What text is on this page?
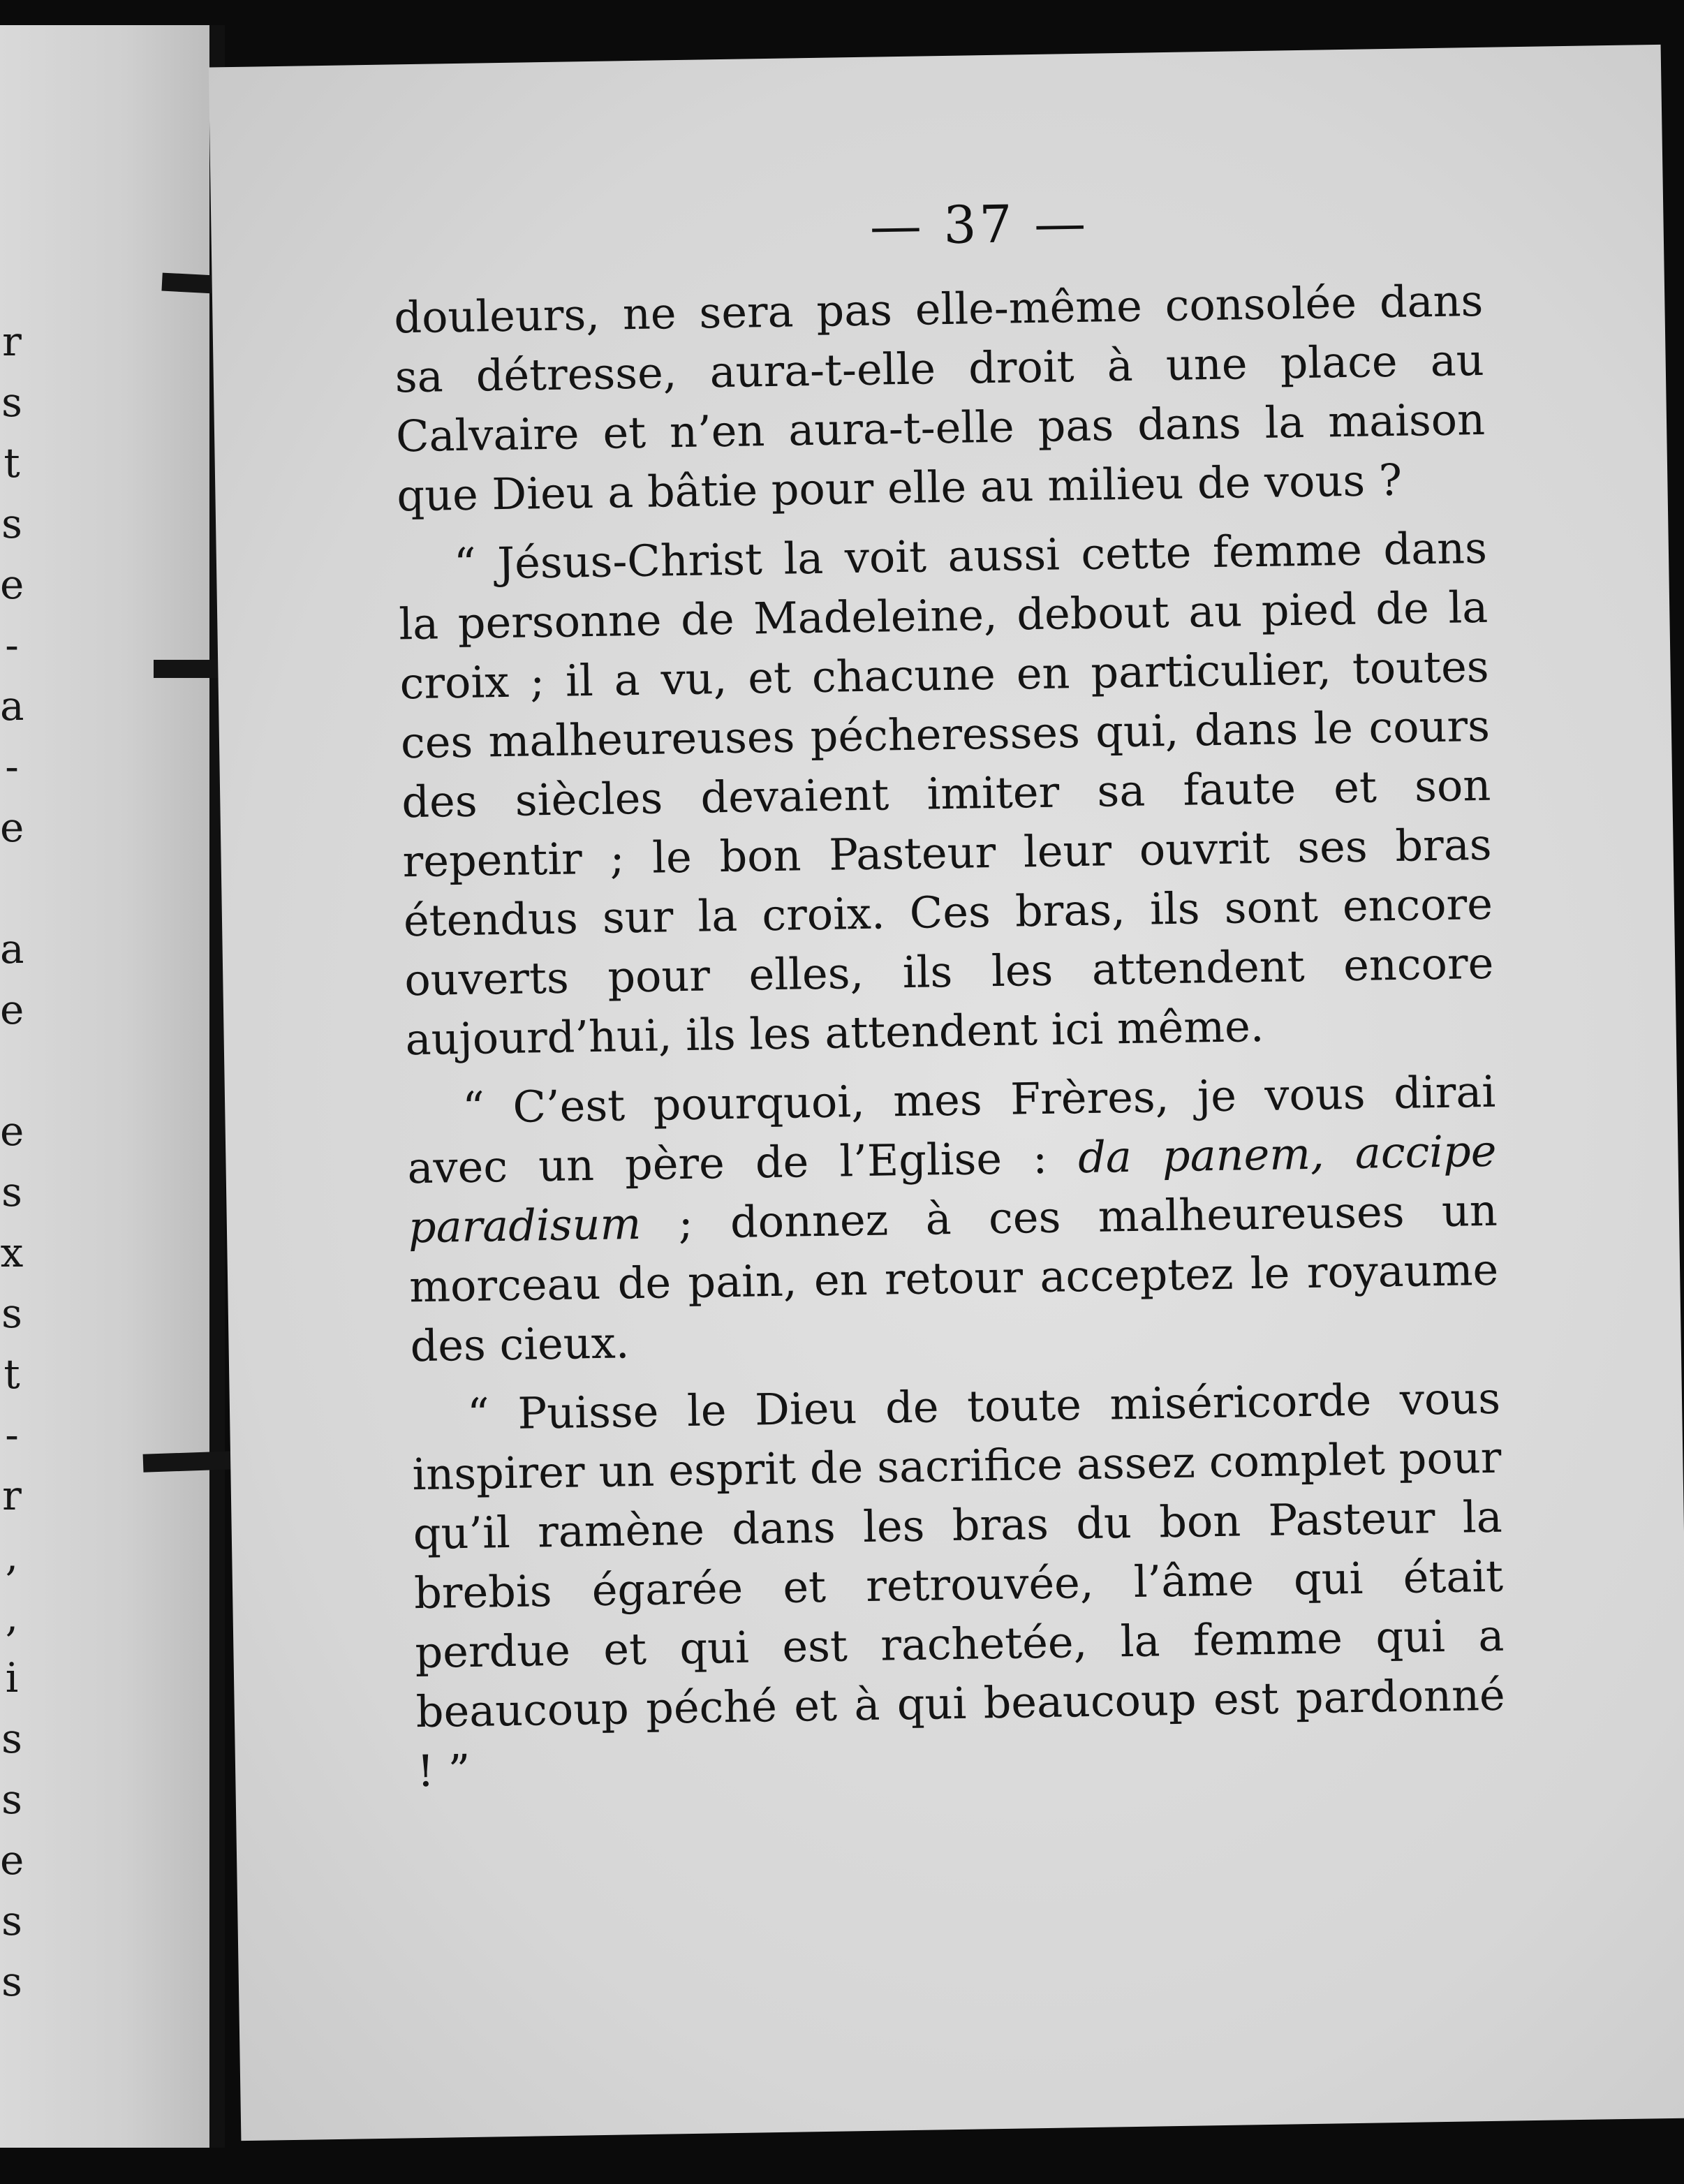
r
s
t
s
e
-
a
-
e
a
e
e
s
x
s
t
-
r
,
,
i
s
s
e
s
s
— 37 —

douleurs, ne sera pas elle-même consolée dans sa détresse, aura-t-elle droit à une place au Calvaire et n’en aura-t-elle pas dans la maison que Dieu a bâtie pour elle au milieu de vous ?

“ Jésus-Christ la voit aussi cette femme dans la personne de Madeleine, debout au pied de la croix ; il a vu, et chacune en particulier, toutes ces malheureuses pécheresses qui, dans le cours des siècles devaient imiter sa faute et son repentir ; le bon Pasteur leur ouvrit ses bras étendus sur la croix. Ces bras, ils sont encore ouverts pour elles, ils les attendent encore aujourd’hui, ils les attendent ici même.

“ C’est pourquoi, mes Frères, je vous dirai avec un père de l’Eglise : da panem, accipe paradisum ; donnez à ces malheureuses un morceau de pain, en retour acceptez le royaume des cieux.

“ Puisse le Dieu de toute miséricorde vous inspirer un esprit de sacrifice assez complet pour qu’il ramène dans les bras du bon Pasteur la brebis égarée et retrouvée, l’âme qui était perdue et qui est rachetée, la femme qui a beaucoup péché et à qui beaucoup est pardonné ! ”
